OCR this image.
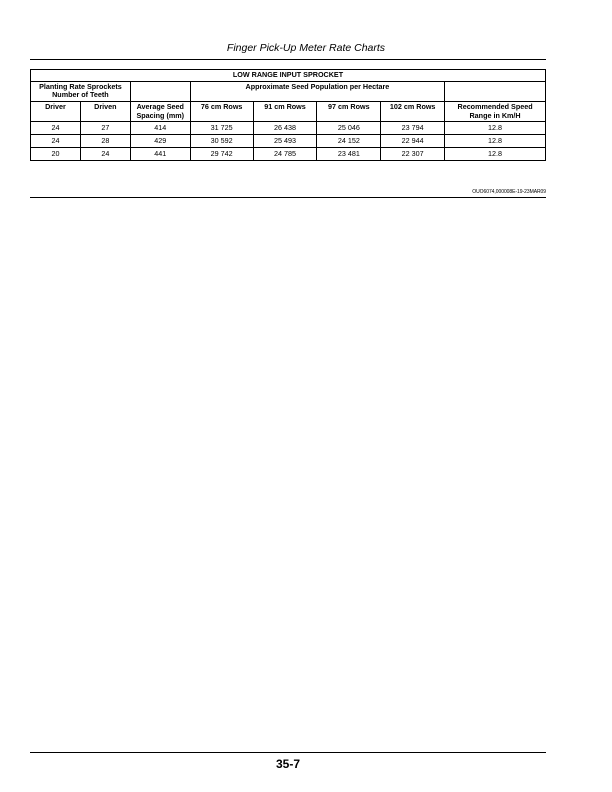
Finger Pick-Up Meter Rate Charts
LOW RANGE INPUT SPROCKET							
Planting Rate Sprockets Number of Teeth			Approximate Seed Population per Hectare				
Driver	Driven	Average Seed Spacing (mm)	76 cm Rows	91 cm Rows	97 cm Rows	102 cm Rows	Recommended Speed Range in Km/H
24	27	414	31 725	26 438	25 046	23 794	12.8
24	28	429	30 592	25 493	24 152	22 944	12.8
20	24	441	29 742	24 785	23 481	22 307	12.8
OUO6074,000008E-19-23MAR09
35-7
